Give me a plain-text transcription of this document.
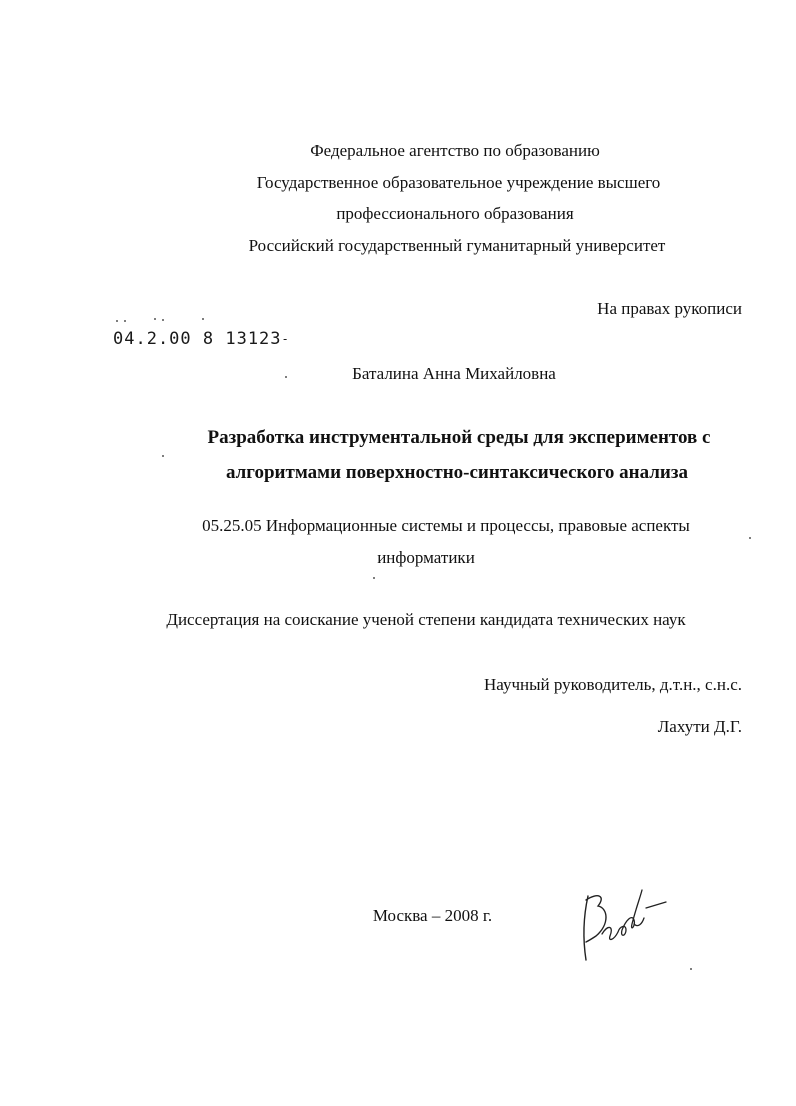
Федеральное агентство по образованию
Государственное образовательное учреждение высшего
профессионального образования
Российский государственный гуманитарный университет
На правах рукописи
04.2.00 8 13123-
Баталина Анна Михайловна
Разработка инструментальной среды для экспериментов с
алгоритмами поверхностно-синтаксического анализа
05.25.05 Информационные системы и процессы, правовые аспекты
информатики
Диссертация на соискание ученой степени кандидата технических наук
Научный руководитель, д.т.н., с.н.с.
Лахути Д.Г.
Москва – 2008 г.
